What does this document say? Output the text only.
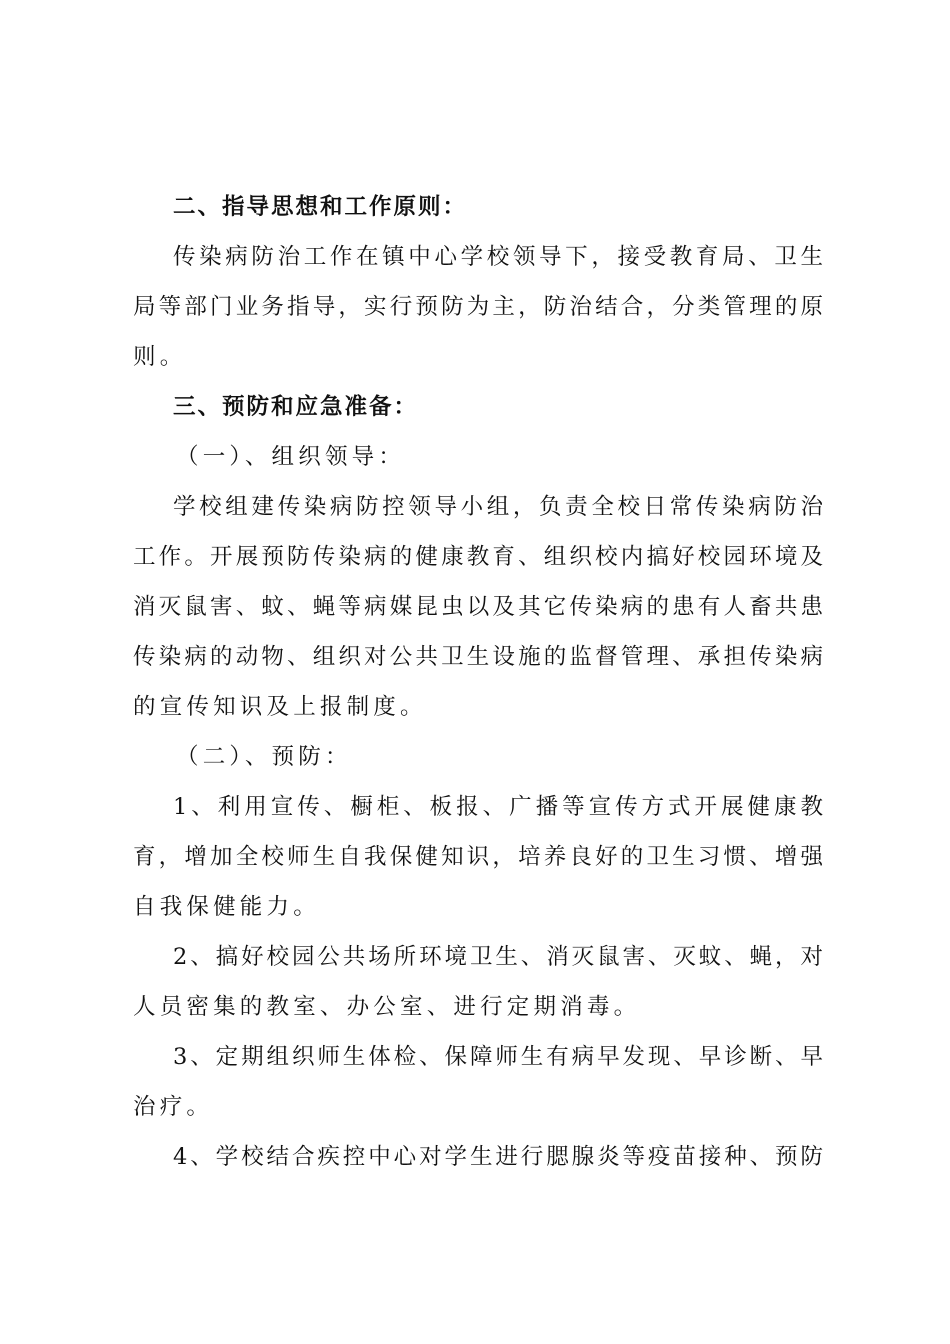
二、指导思想和工作原则：
传染病防治工作在镇中心学校领导下，接受教育局、卫生
局等部门业务指导，实行预防为主，防治结合，分类管理的原
则。
三、预防和应急准备：
（一）、组织领导：
学校组建传染病防控领导小组，负责全校日常传染病防治
工作。开展预防传染病的健康教育、组织校内搞好校园环境及
消灭鼠害、蚊、蝇等病媒昆虫以及其它传染病的患有人畜共患
传染病的动物、组织对公共卫生设施的监督管理、承担传染病
的宣传知识及上报制度。
（二）、预防：
1、利用宣传、橱柜、板报、广播等宣传方式开展健康教
育，增加全校师生自我保健知识，培养良好的卫生习惯、增强
自我保健能力。
2、搞好校园公共场所环境卫生、消灭鼠害、灭蚊、蝇，对
人员密集的教室、办公室、进行定期消毒。
3、定期组织师生体检、保障师生有病早发现、早诊断、早
治疗。
4、学校结合疾控中心对学生进行腮腺炎等疫苗接种、预防
